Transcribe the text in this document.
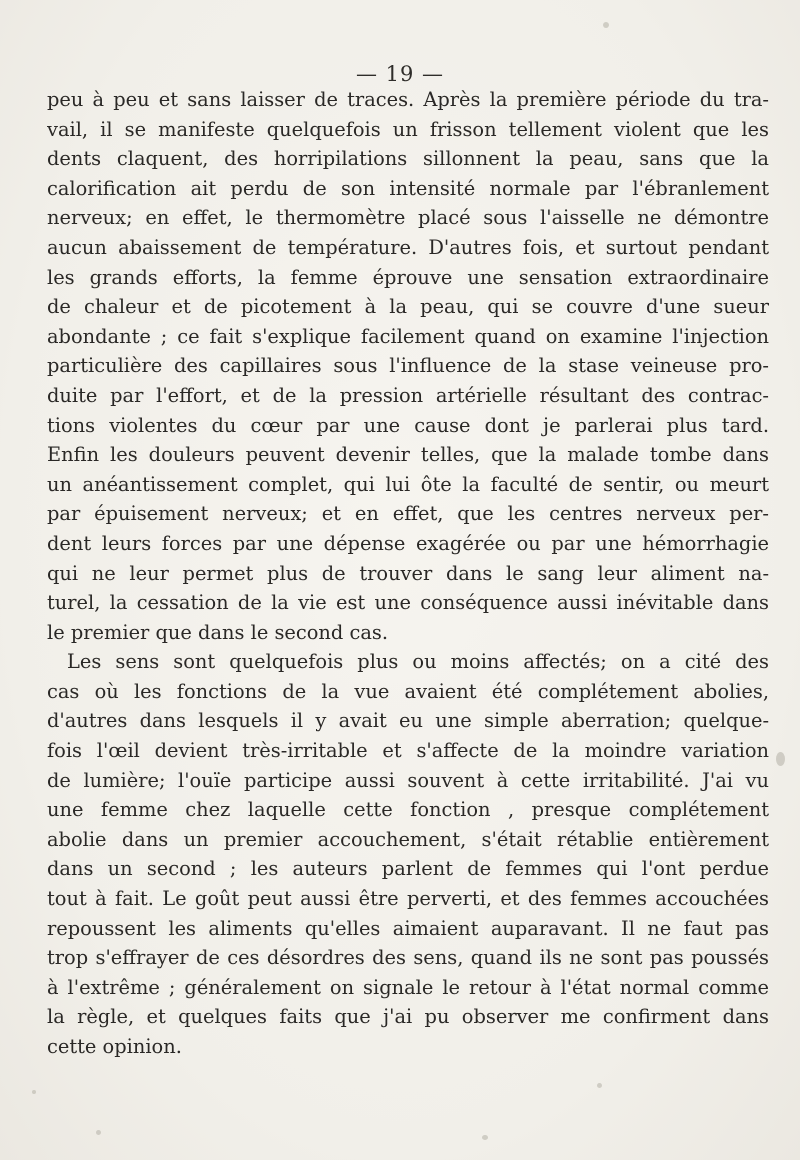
— 19 —
peu à peu et sans laisser de traces. Après la première période du tra-
vail, il se manifeste quelquefois un frisson tellement violent que les
dents claquent, des horripilations sillonnent la peau, sans que la
calorification ait perdu de son intensité normale par l'ébranlement
nerveux; en effet, le thermomètre placé sous l'aisselle ne démontre
aucun abaissement de température. D'autres fois, et surtout pendant
les grands efforts, la femme éprouve une sensation extraordinaire
de chaleur et de picotement à la peau, qui se couvre d'une sueur
abondante ; ce fait s'explique facilement quand on examine l'injection
particulière des capillaires sous l'influence de la stase veineuse pro-
duite par l'effort, et de la pression artérielle résultant des contrac-
tions violentes du cœur par une cause dont je parlerai plus tard.
Enfin les douleurs peuvent devenir telles, que la malade tombe dans
un anéantissement complet, qui lui ôte la faculté de sentir, ou meurt
par épuisement nerveux; et en effet, que les centres nerveux per-
dent leurs forces par une dépense exagérée ou par une hémorrhagie
qui ne leur permet plus de trouver dans le sang leur aliment na-
turel, la cessation de la vie est une conséquence aussi inévitable dans
le premier que dans le second cas.
Les sens sont quelquefois plus ou moins affectés; on a cité des
cas où les fonctions de la vue avaient été complétement abolies,
d'autres dans lesquels il y avait eu une simple aberration; quelque-
fois l'œil devient très-irritable et s'affecte de la moindre variation
de lumière; l'ouïe participe aussi souvent à cette irritabilité. J'ai vu
une femme chez laquelle cette fonction , presque complétement
abolie dans un premier accouchement, s'était rétablie entièrement
dans un second ; les auteurs parlent de femmes qui l'ont perdue
tout à fait. Le goût peut aussi être perverti, et des femmes accouchées
repoussent les aliments qu'elles aimaient auparavant. Il ne faut pas
trop s'effrayer de ces désordres des sens, quand ils ne sont pas poussés
à l'extrême ; généralement on signale le retour à l'état normal comme
la règle, et quelques faits que j'ai pu observer me confirment dans
cette opinion.
